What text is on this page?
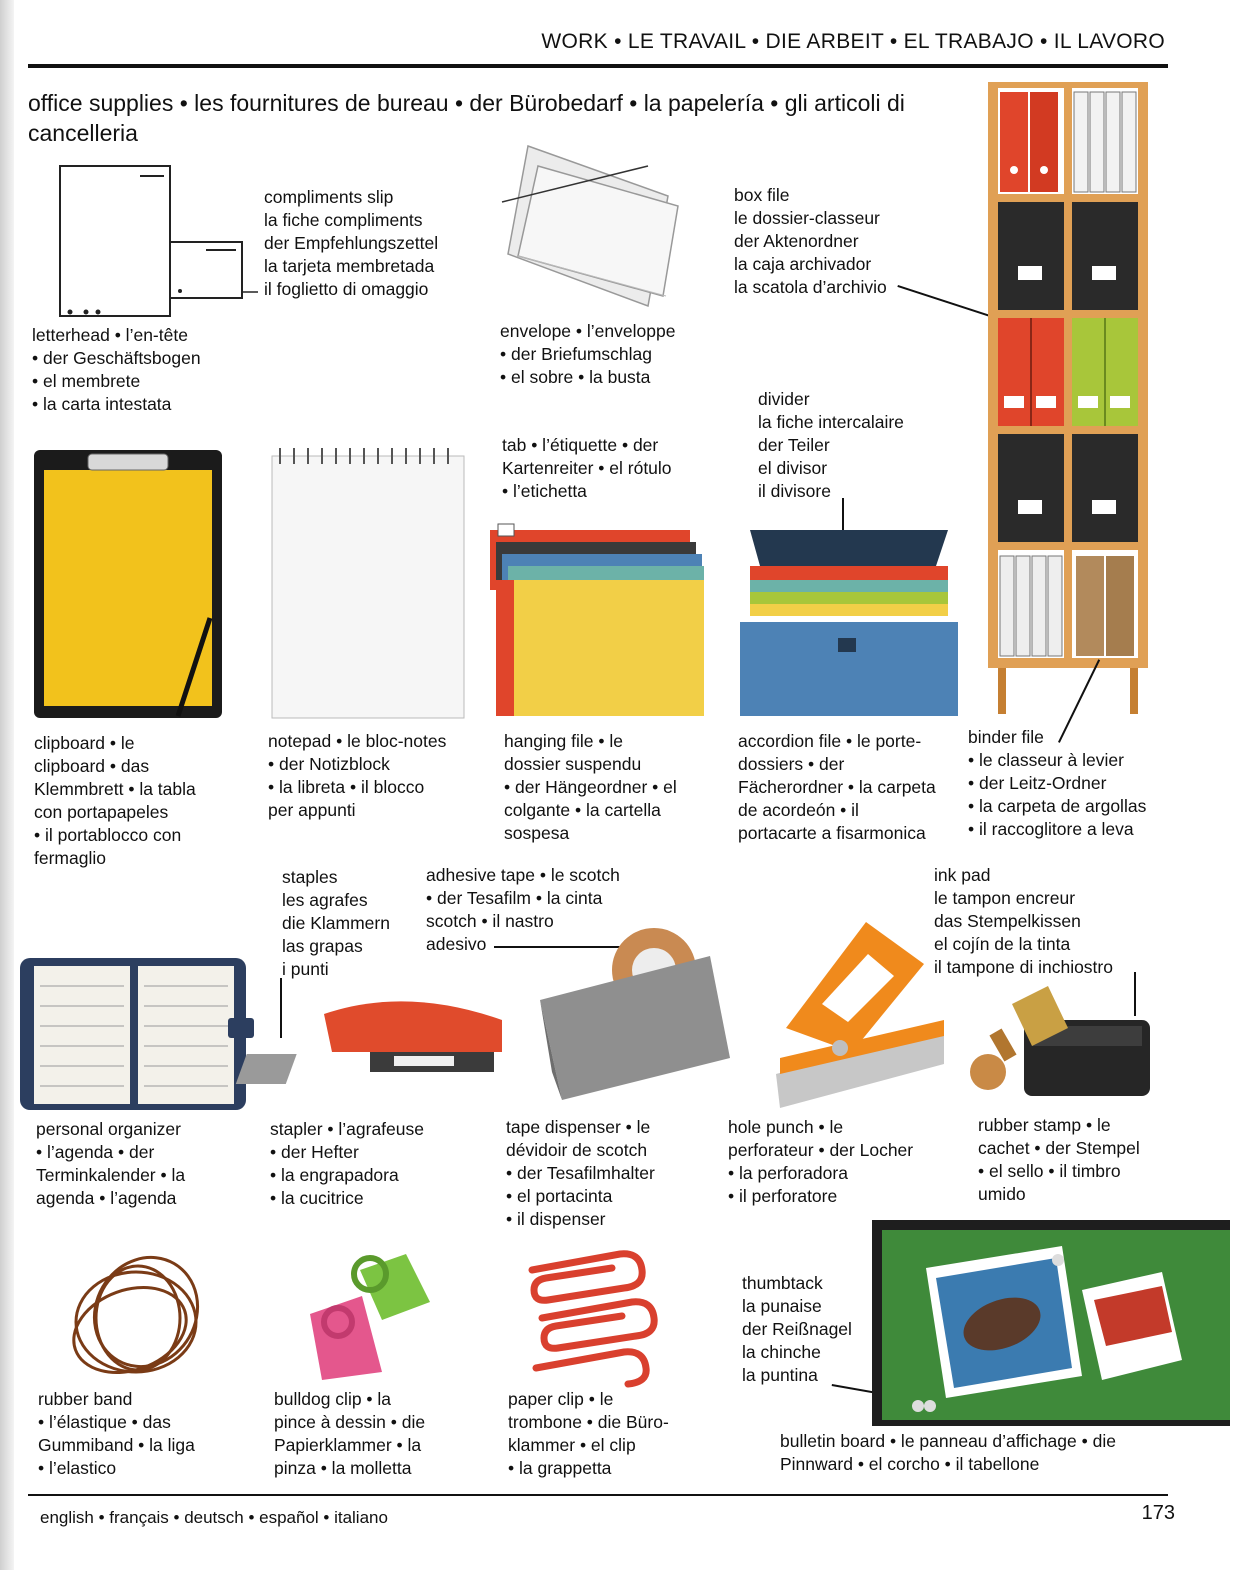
WORK • LE TRAVAIL • DIE ARBEIT • EL TRABAJO • IL LAVORO
office supplies • les fournitures de bureau • der Bürobedarf • la papelería • gli articoli di cancelleria
compliments slip
la fiche compliments
der Empfehlungszettel
la tarjeta membretada
il foglietto di omaggio
letterhead • l’en-tête
• der Geschäftsbogen
• el membrete
• la carta intestata
envelope • l’enveloppe
• der Briefumschlag
• el sobre • la busta
box file
le dossier-classeur
der Aktenordner
la caja archivador
la scatola d’archivio
clipboard • le
clipboard • das
Klemmbrett • la tabla
con portapapeles
• il portablocco con
fermaglio
notepad • le bloc-notes
• der Notizblock
• la libreta • il blocco
per appunti
tab • l’étiquette • der
Kartenreiter • el rótulo
• l’etichetta
hanging file • le
dossier suspendu
• der Hängeordner • el
colgante • la cartella
sospesa
divider
la fiche intercalaire
der Teiler
el divisor
il divisore
accordion file • le porte-
dossiers • der
Fächerordner • la carpeta
de acordeón • il
portacarte a fisarmonica
binder file
• le classeur à levier
• der Leitz-Ordner
• la carpeta de argollas
• il raccoglitore a leva
staples
les agrafes
die Klammern
las grapas
i punti
adhesive tape • le scotch
• der Tesafilm • la cinta
scotch • il nastro
adesivo
ink pad
le tampon encreur
das Stempelkissen
el cojín de la tinta
il tampone di inchiostro
personal organizer
• l’agenda • der
Terminkalender • la
agenda • l’agenda
stapler • l’agrafeuse
• der Hefter
• la engrapadora
• la cucitrice
tape dispenser • le
dévidoir de scotch
• der Tesafilmhalter
• el portacinta
• il dispenser
hole punch • le
perforateur • der Locher
• la perforadora
• il perforatore
rubber stamp • le
cachet • der Stempel
• el sello • il timbro
umido
rubber band
• l’élastique • das
Gummiband • la liga
• l’elastico
bulldog clip • la
pince à dessin • die
Papierklammer • la
pinza • la molletta
paper clip • le
trombone • die Büro-
klammer • el clip
• la grappetta
thumbtack
la punaise
der Reißnagel
la chinche
la puntina
bulletin board • le panneau d’affichage • die
Pinnward • el corcho • il tabellone
english • français • deutsch • español • italiano	173
